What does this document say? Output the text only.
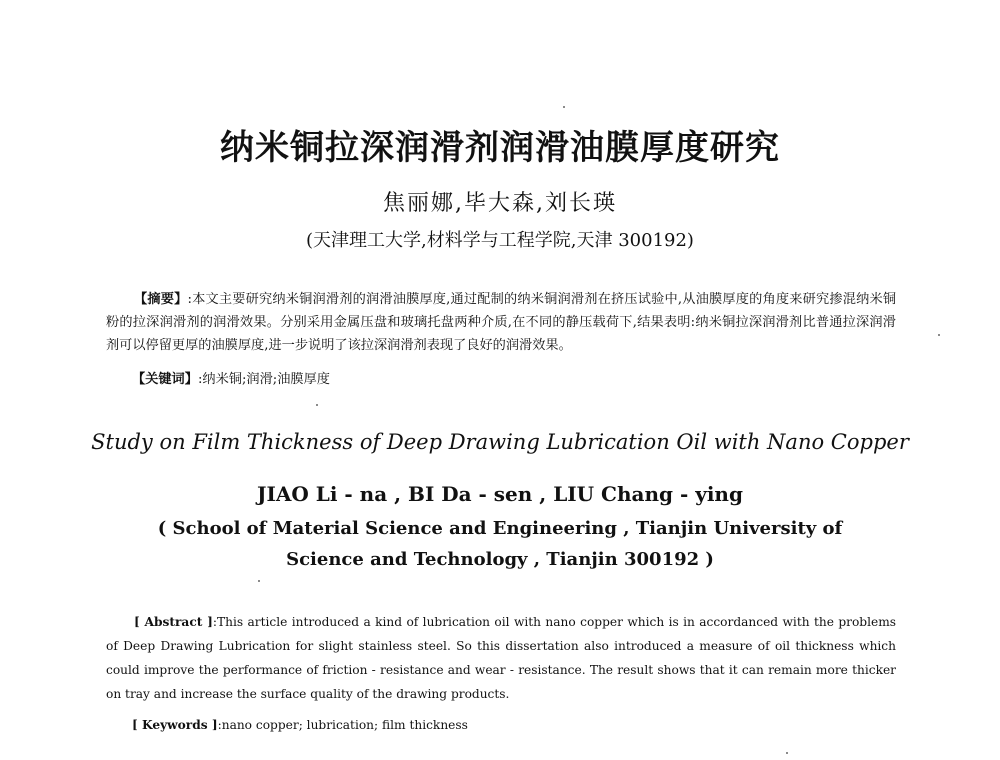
纳米铜拉深润滑剂润滑油膜厚度研究
焦丽娜,毕大森,刘长瑛
(天津理工大学,材料学与工程学院,天津 300192)

【摘要】:本文主要研究纳米铜润滑剂的润滑油膜厚度,通过配制的纳米铜润滑剂在挤压试验中,从油膜厚度的角度来研究掺混纳米铜粉的拉深润滑剂的润滑效果。分别采用金属压盘和玻璃托盘两种介质,在不同的静压载荷下,结果表明:纳米铜拉深润滑剂比普通拉深润滑剂可以停留更厚的油膜厚度,进一步说明了该拉深润滑剂表现了良好的润滑效果。

【关键词】:纳米铜;润滑;油膜厚度

Study on Film Thickness of Deep Drawing Lubrication Oil with Nano Copper
JIAO Li - na , BI Da - sen , LIU Chang - ying
( School of Material Science and Engineering , Tianjin University of Science and Technology , Tianjin 300192 )

[ Abstract ]:This article introduced a kind of lubrication oil with nano copper which is in accordanced with the problems of Deep Drawing Lubrication for slight stainless steel. So this dissertation also introduced a measure of oil thickness which could improve the performance of friction - resistance and wear - resistance. The result shows that it can remain more thicker on tray and increase the surface quality of the drawing products.

[ Keywords ]:nano copper; lubrication; film thickness
